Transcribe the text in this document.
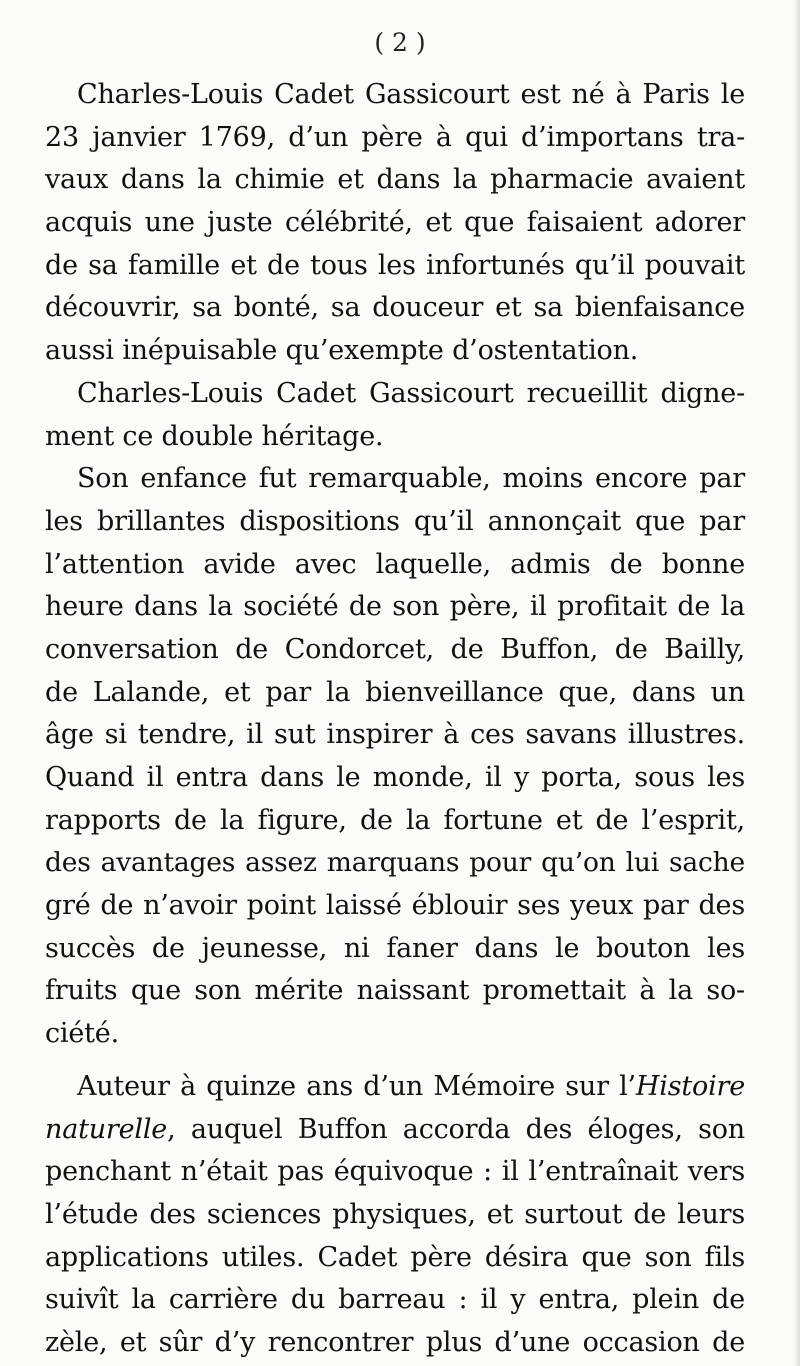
( 2 )
Charles-Louis Cadet Gassicourt est né à Paris le
23 janvier 1769, d’un père à qui d’importans tra-
vaux dans la chimie et dans la pharmacie avaient
acquis une juste célébrité, et que faisaient adorer
de sa famille et de tous les infortunés qu’il pouvait
découvrir, sa bonté, sa douceur et sa bienfaisance
aussi inépuisable qu’exempte d’ostentation.
Charles-Louis Cadet Gassicourt recueillit digne-
ment ce double héritage.
Son enfance fut remarquable, moins encore par
les brillantes dispositions qu’il annonçait que par
l’attention avide avec laquelle, admis de bonne
heure dans la société de son père, il profitait de la
conversation de Condorcet, de Buffon, de Bailly,
de Lalande, et par la bienveillance que, dans un
âge si tendre, il sut inspirer à ces savans illustres.
Quand il entra dans le monde, il y porta, sous les
rapports de la figure, de la fortune et de l’esprit,
des avantages assez marquans pour qu’on lui sache
gré de n’avoir point laissé éblouir ses yeux par des
succès de jeunesse, ni faner dans le bouton les
fruits que son mérite naissant promettait à la so-
ciété.
Auteur à quinze ans d’un Mémoire sur l’Histoire
naturelle, auquel Buffon accorda des éloges, son
penchant n’était pas équivoque : il l’entraînait vers
l’étude des sciences physiques, et surtout de leurs
applications utiles. Cadet père désira que son fils
suivît la carrière du barreau : il y entra, plein de
zèle, et sûr d’y rencontrer plus d’une occasion de
